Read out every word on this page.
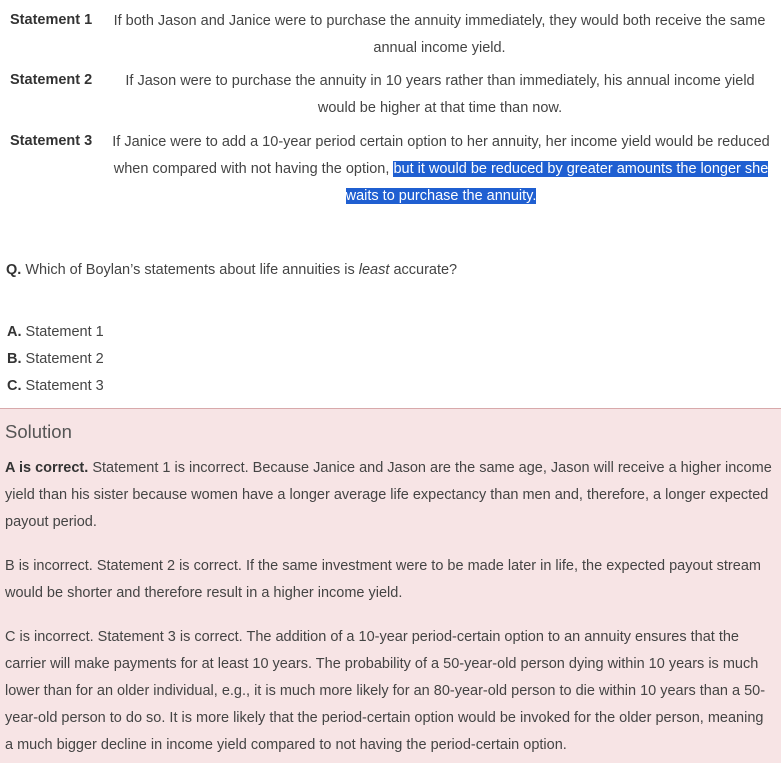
Statement 1	If both Jason and Janice were to purchase the annuity immediately, they would both receive the same annual income yield.
Statement 2	If Jason were to purchase the annuity in 10 years rather than immediately, his annual income yield would be higher at that time than now.
Statement 3	If Janice were to add a 10-year period certain option to her annuity, her income yield would be reduced when compared with not having the option, but it would be reduced by greater amounts the longer she waits to purchase the annuity.
Q. Which of Boylan’s statements about life annuities is least accurate?
A. Statement 1
B. Statement 2
C. Statement 3
Solution
A is correct. Statement 1 is incorrect. Because Janice and Jason are the same age, Jason will receive a higher income yield than his sister because women have a longer average life expectancy than men and, therefore, a longer expected payout period.
B is incorrect. Statement 2 is correct. If the same investment were to be made later in life, the expected payout stream would be shorter and therefore result in a higher income yield.
C is incorrect. Statement 3 is correct. The addition of a 10-year period-certain option to an annuity ensures that the carrier will make payments for at least 10 years. The probability of a 50-year-old person dying within 10 years is much lower than for an older individual, e.g., it is much more likely for an 80-year-old person to die within 10 years than a 50-year-old person to do so. It is more likely that the period-certain option would be invoked for the older person, meaning a much bigger decline in income yield compared to not having the period-certain option.
